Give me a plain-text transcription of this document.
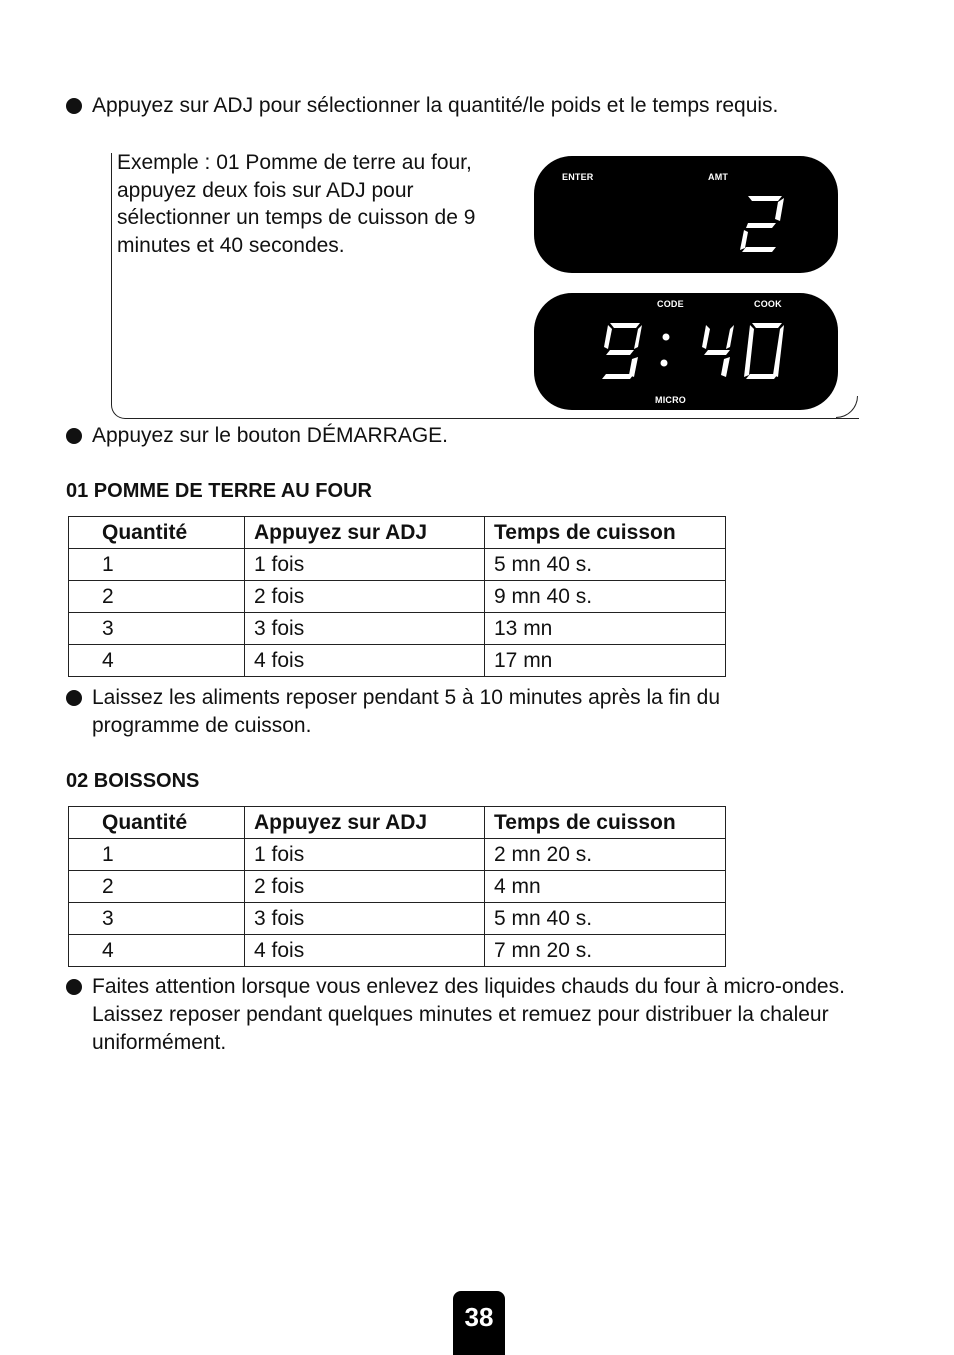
Appuyez sur ADJ pour sélectionner la quantité/le poids et le temps requis.
Exemple : 01 Pomme de terre au four, appuyez deux fois sur ADJ pour sélectionner un temps de cuisson de 9 minutes et 40 secondes.
ENTER	AMT
CODE	COOK
MICRO
Appuyez sur le bouton DÉMARRAGE.
01 POMME DE TERRE AU FOUR
Quantité	Appuyez sur ADJ	Temps de cuisson
1	1 fois	5 mn 40 s.
2	2 fois	9 mn 40 s.
3	3 fois	13 mn
4	4 fois	17 mn
Laissez les aliments reposer pendant 5 à 10 minutes après la fin du programme de cuisson.
02 BOISSONS
Quantité	Appuyez sur ADJ	Temps de cuisson
1	1 fois	2 mn 20 s.
2	2 fois	4 mn
3	3 fois	5 mn 40 s.
4	4 fois	7 mn 20 s.
Faites attention lorsque vous enlevez des liquides chauds du four à micro-ondes. Laissez reposer pendant quelques minutes et remuez pour distribuer la chaleur uniformément.
38
